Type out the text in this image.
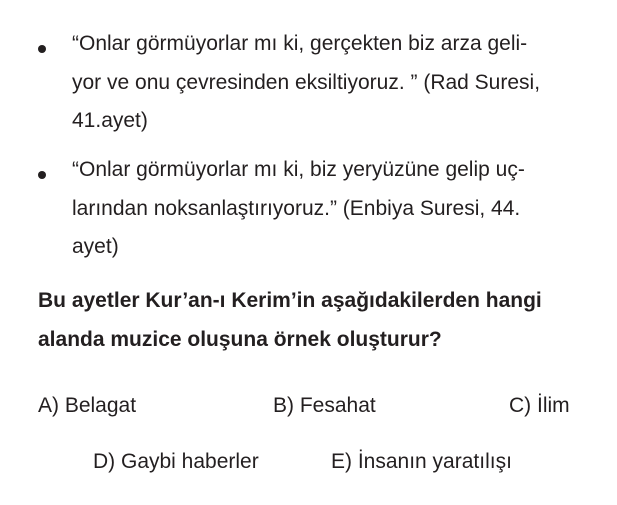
“Onlar görmüyorlar mı ki, gerçekten biz arza geli-
yor ve onu çevresinden eksiltiyoruz. ” (Rad Suresi,
41.ayet)
“Onlar görmüyorlar mı ki, biz yeryüzüne gelip uç-
larından noksanlaştırıyoruz.” (Enbiya Suresi, 44.
ayet)
Bu ayetler Kur’an-ı Kerim’in aşağıdakilerden hangi
alanda muzice oluşuna örnek oluşturur?
A) Belagat	B) Fesahat	C) İlim
D) Gaybi haberler	E) İnsanın yaratılışı
